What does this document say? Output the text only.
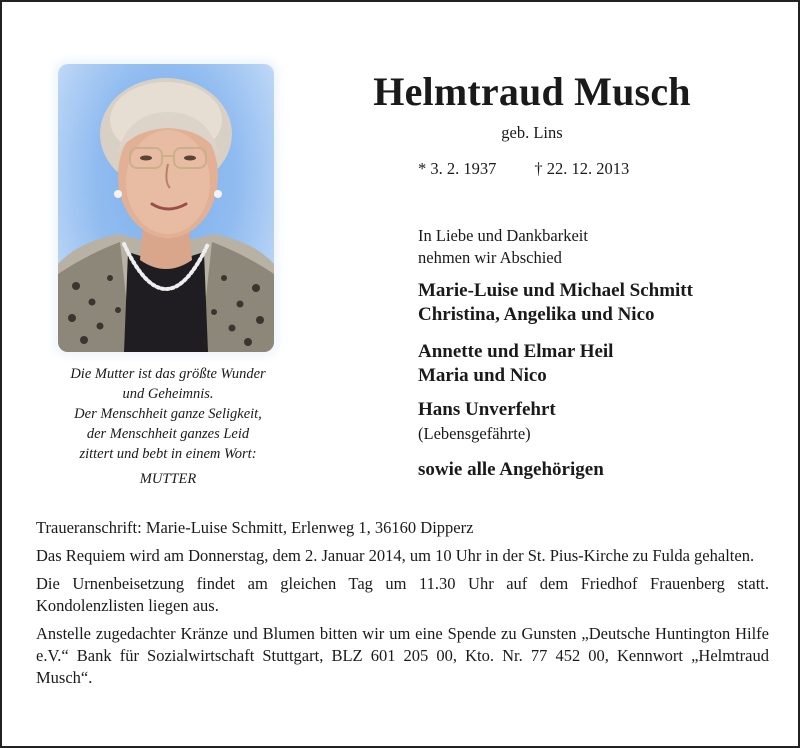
Die Mutter ist das größte Wunder
und Geheimnis.
Der Menschheit ganze Seligkeit,
der Menschheit ganzes Leid
zittert und bebt in einem Wort:
MUTTER
Helmtraud Musch
geb. Lins
* 3. 2. 1937 † 22. 12. 2013
In Liebe und Dankbarkeit
nehmen wir Abschied
Marie-Luise und Michael Schmitt
Christina, Angelika und Nico
Annette und Elmar Heil
Maria und Nico
Hans Unverfehrt
(Lebensgefährte)
sowie alle Angehörigen

Traueranschrift: Marie-Luise Schmitt, Erlenweg 1, 36160 Dipperz

Das Requiem wird am Donnerstag, dem 2. Januar 2014, um 10 Uhr in der St. Pius-Kirche zu Fulda gehalten.

Die Urnenbeisetzung findet am gleichen Tag um 11.30 Uhr auf dem Friedhof Frauenberg statt. Kondolenzlisten liegen aus.

Anstelle zugedachter Kränze und Blumen bitten wir um eine Spende zu Gunsten „Deutsche Huntington Hilfe e.V.“ Bank für Sozialwirtschaft Stuttgart, BLZ 601 205 00, Kto. Nr. 77 452 00, Kennwort „Helmtraud Musch“.
